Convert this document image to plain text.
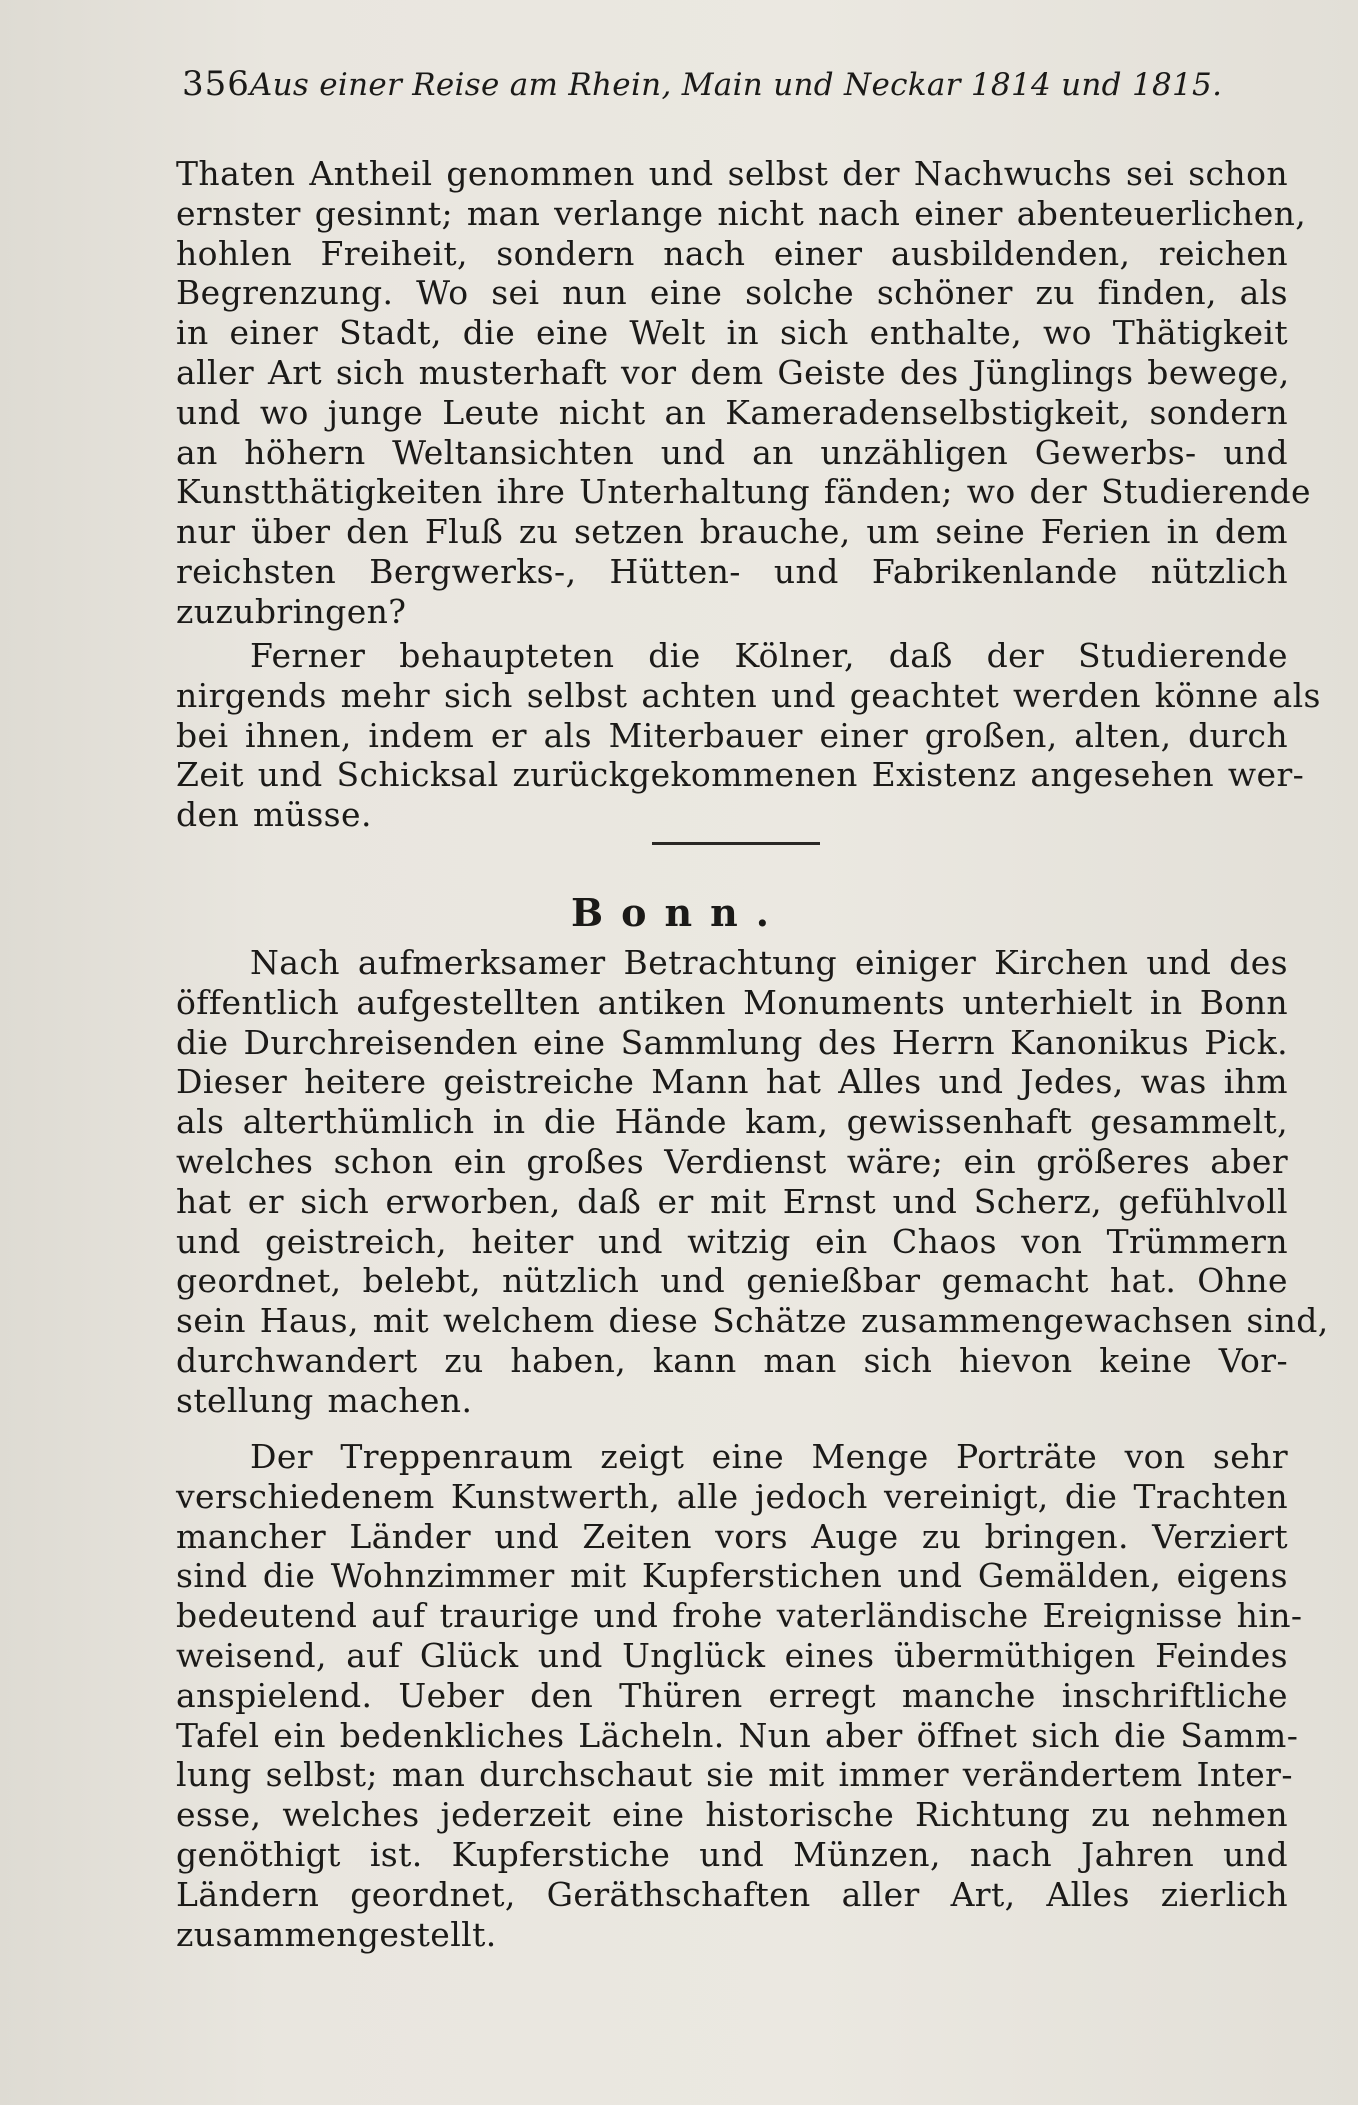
356 Aus einer Reise am Rhein, Main und Neckar 1814 und 1815.
Thaten Antheil genommen und selbst der Nachwuchs sei schon
ernster gesinnt; man verlange nicht nach einer abenteuerlichen,
hohlen Freiheit, sondern nach einer ausbildenden, reichen
Begrenzung. Wo sei nun eine solche schöner zu finden, als
in einer Stadt, die eine Welt in sich enthalte, wo Thätigkeit
aller Art sich musterhaft vor dem Geiste des Jünglings bewege,
und wo junge Leute nicht an Kameradenselbstigkeit, sondern
an höhern Weltansichten und an unzähligen Gewerbs- und
Kunstthätigkeiten ihre Unterhaltung fänden; wo der Studierende
nur über den Fluß zu setzen brauche, um seine Ferien in dem
reichsten Bergwerks-, Hütten- und Fabrikenlande nützlich
zuzubringen?
Ferner behaupteten die Kölner, daß der Studierende
nirgends mehr sich selbst achten und geachtet werden könne als
bei ihnen, indem er als Miterbauer einer großen, alten, durch
Zeit und Schicksal zurückgekommenen Existenz angesehen wer-
den müsse.
Bonn.
Nach aufmerksamer Betrachtung einiger Kirchen und des
öffentlich aufgestellten antiken Monuments unterhielt in Bonn
die Durchreisenden eine Sammlung des Herrn Kanonikus Pick.
Dieser heitere geistreiche Mann hat Alles und Jedes, was ihm
als alterthümlich in die Hände kam, gewissenhaft gesammelt,
welches schon ein großes Verdienst wäre; ein größeres aber
hat er sich erworben, daß er mit Ernst und Scherz, gefühlvoll
und geistreich, heiter und witzig ein Chaos von Trümmern
geordnet, belebt, nützlich und genießbar gemacht hat. Ohne
sein Haus, mit welchem diese Schätze zusammengewachsen sind,
durchwandert zu haben, kann man sich hievon keine Vor-
stellung machen.
Der Treppenraum zeigt eine Menge Porträte von sehr
verschiedenem Kunstwerth, alle jedoch vereinigt, die Trachten
mancher Länder und Zeiten vors Auge zu bringen. Verziert
sind die Wohnzimmer mit Kupferstichen und Gemälden, eigens
bedeutend auf traurige und frohe vaterländische Ereignisse hin-
weisend, auf Glück und Unglück eines übermüthigen Feindes
anspielend. Ueber den Thüren erregt manche inschriftliche
Tafel ein bedenkliches Lächeln. Nun aber öffnet sich die Samm-
lung selbst; man durchschaut sie mit immer verändertem Inter-
esse, welches jederzeit eine historische Richtung zu nehmen
genöthigt ist. Kupferstiche und Münzen, nach Jahren und
Ländern geordnet, Geräthschaften aller Art, Alles zierlich
zusammengestellt.
